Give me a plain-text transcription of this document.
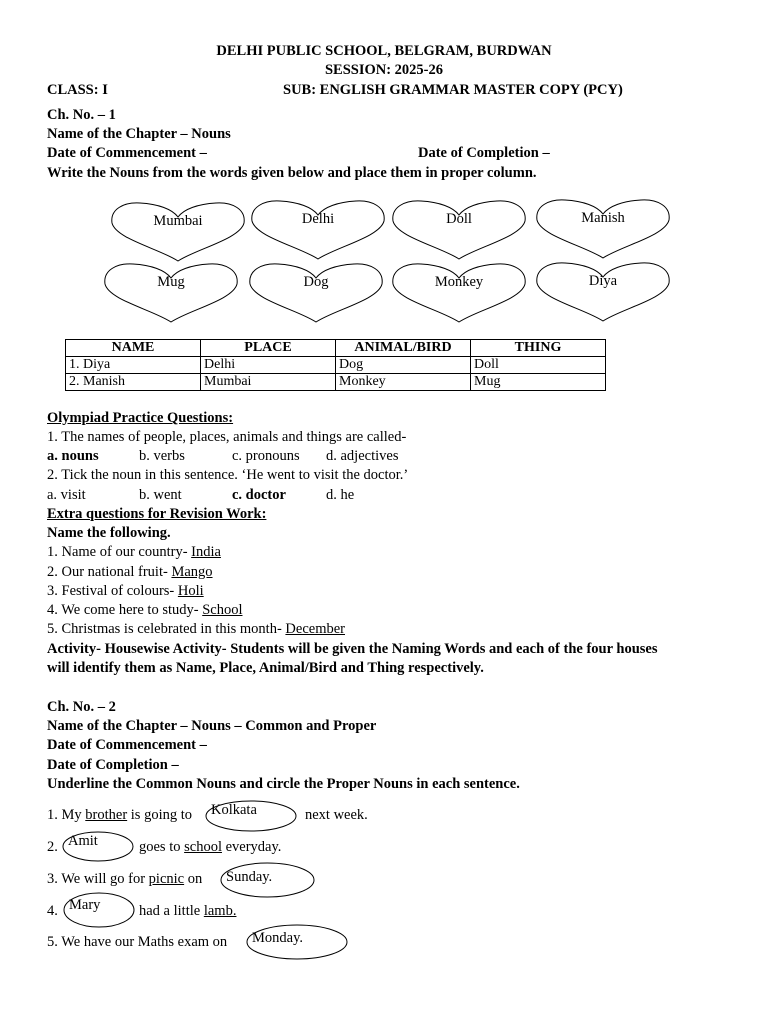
DELHI PUBLIC SCHOOL, BELGRAM, BURDWAN
SESSION: 2025-26
CLASS: I	SUB: ENGLISH GRAMMAR MASTER COPY (PCY)
Ch. No. – 1
Name of the Chapter – Nouns
Date of Commencement –	Date of Completion –
Write the Nouns from the words given below and place them in proper column.
Mumbai	Delhi	Doll	Manish
Mug	Dog	Monkey	Diya
NAME	PLACE	ANIMAL/BIRD	THING
1. Diya	Delhi	Dog	Doll
2. Manish	Mumbai	Monkey	Mug
Olympiad Practice Questions:
1. The names of people, places, animals and things are called-
a. nouns	b. verbs	c. pronouns d. adjectives
2. Tick the noun in this sentence. ‘He went to visit the doctor.’
a. visit	b. went	c. doctor	d. he
Extra questions for Revision Work:
Name the following.
1. Name of our country- India
2. Our national fruit- Mango
3. Festival of colours- Holi
4. We come here to study- School
5. Christmas is celebrated in this month- December
Activity- Housewise Activity- Students will be given the Naming Words and each of the four houses
will identify them as Name, Place, Animal/Bird and Thing respectively.
Ch. No. – 2
Name of the Chapter – Nouns – Common and Proper
Date of Commencement –
Date of Completion –
Underline the Common Nouns and circle the Proper Nouns in each sentence.
1. My brother is going to Kolkata	next week.
2. Amit	goes to school everyday.
3. We will go for picnic on Sunday.
4. Mary	had a little lamb.
5. We have our Maths exam on Monday.
